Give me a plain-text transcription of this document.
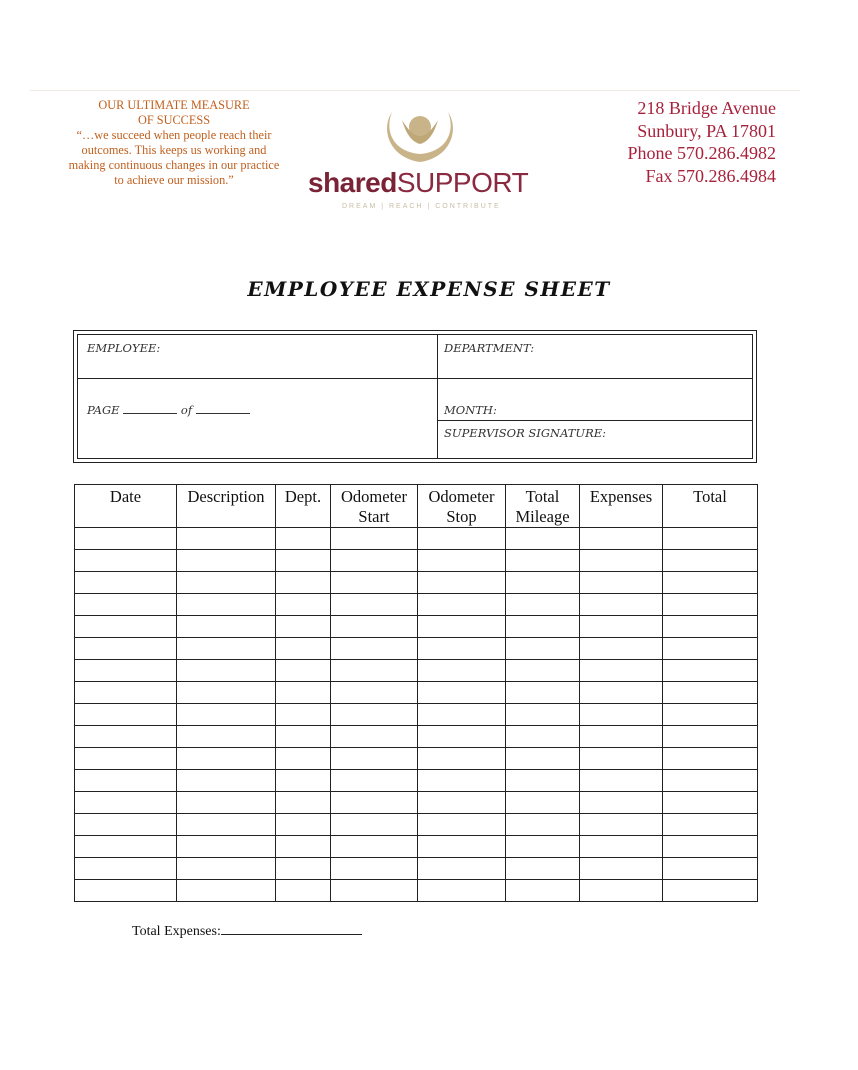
OUR ULTIMATE MEASURE
OF SUCCESS
“…we succeed when people reach their
outcomes. This keeps us working and
making continuous changes in our practice
to achieve our mission.”	sharedSUPPORT
DREAM | REACH | CONTRIBUTE
218 Bridge Avenue
Sunbury, PA 17801
Phone 570.286.4982
Fax 570.286.4984
EMPLOYEE EXPENSE SHEET
EMPLOYEE:	DEPARTMENT:
PAGE	of	MONTH:
SUPERVISOR SIGNATURE:
Date	Description	Dept.	Odometer Start	Odometer Stop	Total Mileage	Expenses	Total

Total Expenses:
